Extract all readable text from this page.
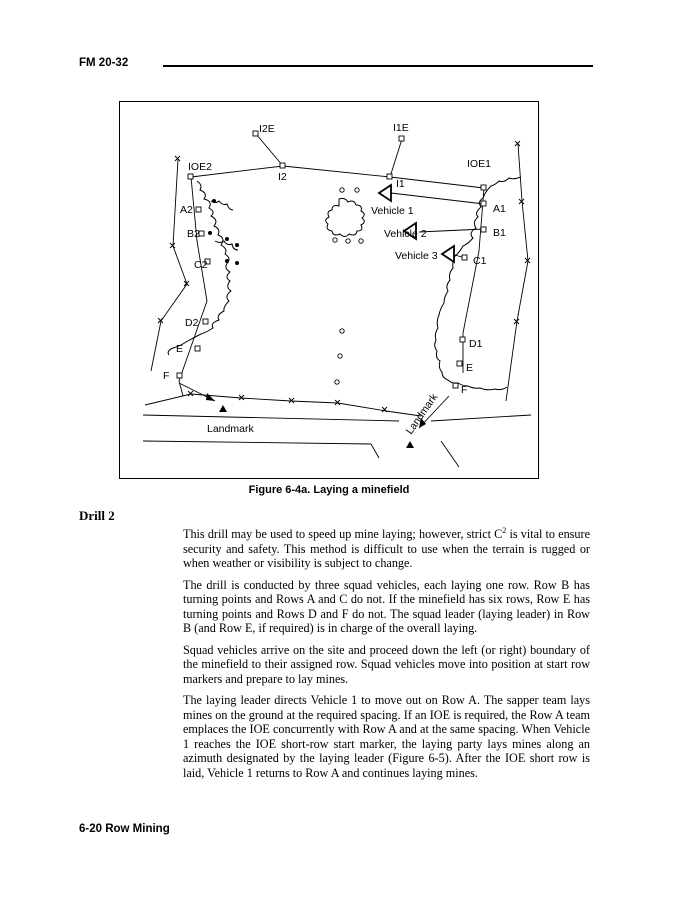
FM 20-32
I2E	I1E
IOE2
I2
I1
IOE1
A2
B2
C2
D2
E
F
A1
B1
C1
D1
E
F
Vehicle 1
Vehicle 2
Vehicle 3
Landmark	Landmark
Figure 6-4a. Laying a minefield
Drill 2

This drill may be used to speed up mine laying; however, strict $C^2$ is vital to ensure security and safety. This method is difficult to use when the terrain is rugged or when weather or visibility is subject to change.

The drill is conducted by three squad vehicles, each laying one row. Row B has turning points and Rows A and C do not. If the minefield has six rows, Row E has turning points and Rows D and F do not. The squad leader (laying leader) in Row B (and Row E, if required) is in charge of the overall laying.

Squad vehicles arrive on the site and proceed down the left (or right) boundary of the minefield to their assigned row. Squad vehicles move into position at start row markers and prepare to lay mines.

The laying leader directs Vehicle 1 to move out on Row A. The sapper team lays mines on the ground at the required spacing. If an IOE is required, the Row A team emplaces the IOE concurrently with Row A and at the same spacing. When Vehicle 1 reaches the IOE short-row start marker, the laying party lays mines along an azimuth designated by the laying leader (Figure 6-5). After the IOE short row is laid, Vehicle 1 returns to Row A and continues laying mines.

6-20 Row Mining
